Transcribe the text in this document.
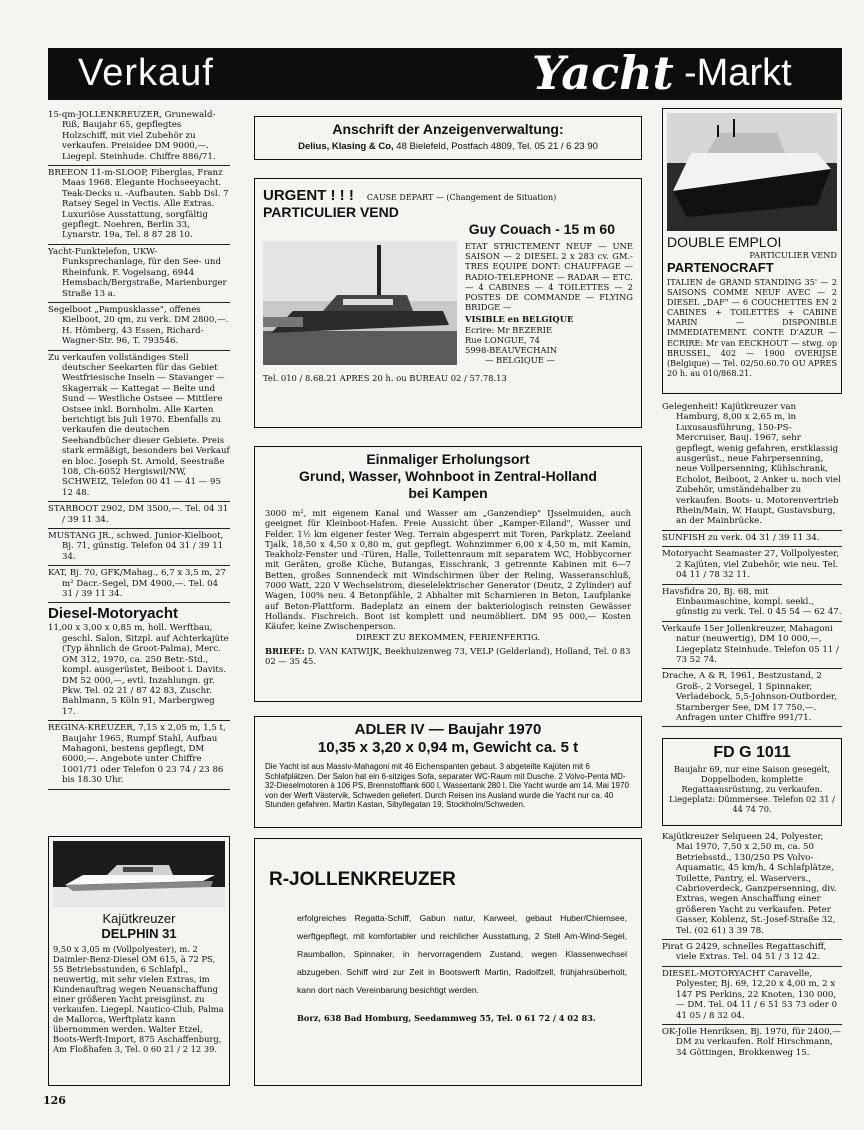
Verkauf	Yacht -Markt

15-qm-JOLLENKREUZER, Grunewald-Riß, Baujahr 65, gepflegtes Holzschiff, mit viel Zubehör zu verkaufen. Preisidee DM 9000,—. Liegepl. Steinhude. Chiffre 886/71.

BREEON 11-m-SLOOP, Fiberglas, Franz Maas 1968. Elegante Hochseeyacht. Teak-Decks u. -Aufbauten. Sabb Dsl. 7 Ratsey Segel in Vectis. Alle Extras. Luxuriöse Ausstattung, sorgfältig gepflegt. Noehren, Berlin 33, Lynarstr. 19a, Tel. 8 87 28 10.

Yacht-Funktelefon, UKW-Funksprechanlage, für den See- und Rheinfunk. F. Vogelsang, 6944 Hemsbach/Bergstraße, Marienburger Straße 13 a.

Segelboot „Pampusklasse", offenes Kielboot, 20 qm, zu verk. DM 2800,—. H. Hömberg, 43 Essen, Richard-Wagner-Str. 96, T. 793546.

Zu verkaufen vollständiges Stell deutscher Seekarten für das Gebiet Westfriesische Inseln — Stavanger — Skagerrak — Kattegat — Belte und Sund — Westliche Ostsee — Mittlere Ostsee inkl. Bornholm. Alle Karten berichtigt bis Juli 1970. Ebenfalls zu verkaufen die deutschen Seehandbücher dieser Gebiete. Preis stark ermäßigt, besonders bei Verkauf en bloc. Joseph St. Arnold, Seestraße 108, Ch-6052 Hergiswil/NW, SCHWEIZ, Telefon 00 41 — 41 — 95 12 48.

STARBOOT 2902, DM 3500,—. Tel. 04 31 / 39 11 34.

MUSTANG JR., schwed. Junior-Kielboot, Bj. 71, günstig. Telefon 04 31 / 39 11 34.

KAT, Bj. 70, GFK/Mahag., 6,7 x 3,5 m, 27 m² Dacr.-Segel, DM 4900,—. Tel. 04 31 / 39 11 34.

Diesel-Motoryacht

11,00 x 3,00 x 0,85 m, holl. Werftbau, geschl. Salon, Sitzpl. auf Achterkajüte (Typ ähnlich de Groot-Palma), Merc. OM 312, 1970, ca. 250 Betr.-Std., kompl. ausgerüstet, Beiboot i. Davits. DM 52 000,—, evtl. Inzahlungn. gr. Pkw. Tel. 02 21 / 87 42 83, Zuschr. Bahlmann, 5 Köln 91, Marbergweg 17.

REGINA-KREUZER, 7,15 x 2,05 m, 1,5 t, Baujahr 1965, Rumpf Stahl, Aufbau Mahagoni, bestens gepflegt, DM 6000,—. Angebote unter Chiffre 1001/71 oder Telefon 0 23 74 / 23 86 bis 18.30 Uhr.

Kajütkreuzer
DELPHIN 31

9,50 x 3,05 m (Vollpolyester), m. 2 Daimler-Benz-Diesel OM 615, à 72 PS, 55 Betriebsstunden, 6 Schlafpl., neuwertig, mit sehr vielen Extras, im Kundenauftrag wegen Neuanschaffung einer größeren Yacht preisgünst. zu verkaufen. Liegepl. Nautico-Club, Palma de Mallorca, Werftplatz kann übernommen werden. Walter Etzel, Boots-Werft-Import, 875 Aschaffenburg, Am Floßhafen 3, Tel. 0 60 21 / 2 12 39.

Anschrift der Anzeigenverwaltung:
Delius, Klasing & Co, 48 Bielefeld, Postfach 4809, Tel. 05 21 / 6 23 90
URGENT ! ! ! CAUSE DEPART — (Changement de Situation)
PARTICULIER VEND
Guy Couach - 15 m 60

ETAT STRICTEMENT NEUF — UNE SAISON — 2 DIESEL 2 x 283 cv. GM.-TRES EQUIPE DONT: CHAUFFAGE — RADIO-TELEPHONE — RADAR — ETC. — 4 CABINES — 4 TOILETTES — 2 POSTES DE COMMANDE — FLYING BRIDGE —

VISIBLE en BELGIQUE

Ecrire: Mr BEZERIE

Rue LONGUE, 74

5998-BEAUVECHAIN

— BELGIQUE —

Tel. 010 / 8.68.21 APRES 20 h. ou BUREAU 02 / 57.78.13
Einmaliger Erholungsort
Grund, Wasser, Wohnboot in Zentral-Holland
bei Kampen

3000 m², mit eigenem Kanal und Wasser am „Ganzendiep" IJsselmuiden, auch geeignet für Kleinboot-Hafen. Freie Aussicht über „Kamper-Eiland", Wasser und Felder. 1½ km eigener fester Weg. Terrain abgesperrt mit Toren, Parkplatz. Zeeland Tjalk, 18,50 x 4,50 x 0,80 m, gut gepflegt. Wohnzimmer 6,00 x 4,50 m, mit Kamin, Teakholz-Fenster und -Türen, Halle, Toilettenraum mit separatem WC, Hobbycorner mit Geräten, große Küche, Butangas, Eisschrank, 3 getrennte Kabinen mit 6—7 Betten, großes Sonnendeck mit Windschirmen über der Reling, Wasseranschluß, 7000 Watt, 220 V Wechselstrom, dieselelektrischer Generator (Deutz, 2 Zylinder) auf Wagen, 100% neu. 4 Betonpfähle, 2 Abhalter mit Scharnieren in Beton, Laufplanke auf Beton-Plattform. Badeplatz an einem der bakteriologisch reinsten Gewässer Hollands. Fischreich. Boot ist komplett und neumöbliert. DM 95 000,— Kosten Käufer, keine Zwischenperson.

DIREKT ZU BEKOMMEN, FERIENFERTIG.

BRIEFE: D. VAN KATWIJK, Beekhuizenweg 73, VELP (Gelderland), Holland, Tel. 0 83 02 — 35 45.

ADLER IV — Baujahr 1970
10,35 x 3,20 x 0,94 m, Gewicht ca. 5 t

Die Yacht ist aus Massiv-Mahagoni mit 46 Eichenspanten gebaut. 3 abgeteilte Kajüten mit 6 Schlafplätzen. Der Salon hat ein 6-sitziges Sofa, separater WC-Raum mit Dusche. 2 Volvo-Penta MD-32-Dieselmotoren à 106 PS, Brennstofftank 600 l, Wassertank 280 l. Die Yacht wurde am 14. Mai 1970 von der Werft Västervik, Schweden geliefert. Durch Reisen ins Ausland wurde die Yacht nur ca. 40 Stunden gefahren. Martin Kastan, Sibyllegatan 19, Stockholm/Schweden.

R-JOLLENKREUZER

erfolgreiches Regatta-Schiff, Gabun natur, Karweel, gebaut Huber/Chiemsee, werftgepflegt, mit komfortabler und reichlicher Ausstattung, 2 Stell Am-Wind-Segel, Raumballon, Spinnaker, in hervorragendem Zustand, wegen Klassenwechsel abzugeben. Schiff wird zur Zeit in Bootswerft Martin, Radolfzell, frühjahrsüberholt, kann dort nach Vereinbarung besichtigt werden.

Borz, 638 Bad Homburg, Seedammweg 55, Tel. 0 61 72 / 4 02 83.

DOUBLE EMPLOI
PARTICULIER VEND
PARTENOCRAFT

ITALIEN de GRAND STANDING 35' — 2 SAISONS COMME NEUF AVEC — 2 DIESEL „DAF" — 6 COUCHETTES EN 2 CABINES + TOILETTES + CABINE MARIN — DISPONIBLE IMMEDIATEMENT. CONTE D'AZUR — ECRIRE: Mr van EECKHOUT — stwg. op BRUSSEL, 402 — 1900 OVERIJSE (Belgique) — Tel. 02/50.60.70 OU APRES 20 h. au 010/868.21.

Gelegenheit! Kajütkreuzer van Hamburg, 8,00 x 2,65 m, in Luxusausführung, 150-PS-Mercruiser, Bauj. 1967, sehr gepflegt, wenig gefahren, erstklassig ausgerüst., neue Fahrpersenning, neue Vollpersenning, Kühlschrank, Echolot, Beiboot, 2 Anker u. noch viel Zubehör, umständehalber zu verkaufen. Boots- u. Motorenvertrieb Rhein/Main, W. Haupt, Gustavsburg, an der Mainbrücke.

SUNFISH zu verk. 04 31 / 39 11 34.

Motoryacht Seamaster 27, Vollpolyester, 2 Kajüten, viel Zubehör, wie neu. Tel. 04 11 / 78 32 11.

Havsfidra 20, Bj. 68, mit Einbaumaschine, kompl. seekl., günstig zu verk. Tel. 0 45 54 — 62 47.

Verkaufe 15er Jollenkreuzer, Mahagoni natur (neuwertig), DM 10 000,—, Liegeplatz Steinhude. Telefon 05 11 / 73 52 74.

Drache, A & R, 1961, Bestzustand, 2 Groß-, 2 Vorsegel, 1 Spinnaker, Verladebock, 5,5-Johnson-Outborder, Starnberger See, DM 17 750,—. Anfragen unter Chiffre 991/71.

FD G 1011

Baujahr 69, nur eine Saison gesegelt, Doppelboden, komplette Regattaausrüstung, zu verkaufen. Liegeplatz: Dümmersee. Telefon 02 31 / 44 74 70.

Kajütkreuzer Selqueen 24, Polyester, Mai 1970, 7,50 x 2,50 m, ca. 50 Betriebsstd., 130/250 PS Volvo-Aquamatic, 45 km/h, 4 Schlafplätze, Toilette, Pantry, el. Waservers., Cabrioverdeck, Ganzpersenning, div. Extras, wegen Anschaffung einer größeren Yacht zu verkaufen. Peter Gasser, Koblenz, St.-Josef-Straße 32, Tel. (02 61) 3 39 78.

Pirat G 2429, schnelles Regattaschiff, viele Extras. Tel. 04 51 / 3 12 42.

DIESEL-MOTORYACHT Caravelle, Polyester, Bj. 69, 12,20 x 4,00 m, 2 x 147 PS Perkins, 22 Knoten, 130 000,— DM. Tel. 04 11 / 6 51 53 73 oder 0 41 05 / 8 32 04.

OK-Jolle Henriksen, Bj. 1970, für 2400,— DM zu verkaufen. Rolf Hirschmann, 34 Göttingen, Brokkenweg 15.

126
